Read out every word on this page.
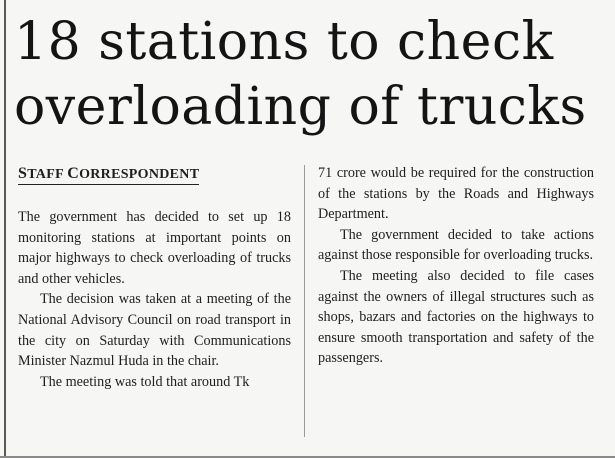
18 stations to check overloading of trucks
STAFF CORRESPONDENT

The government has decided to set up 18 monitoring stations at important points on major highways to check overloading of trucks and other vehicles.

The decision was taken at a meeting of the National Advisory Council on road transport in the city on Saturday with Communications Minister Nazmul Huda in the chair.

The meeting was told that around Tk

71 crore would be required for the construction of the stations by the Roads and Highways Department.

The government decided to take actions against those responsible for overloading trucks.

The meeting also decided to file cases against the owners of illegal structures such as shops, bazars and factories on the highways to ensure smooth transportation and safety of the passengers.
